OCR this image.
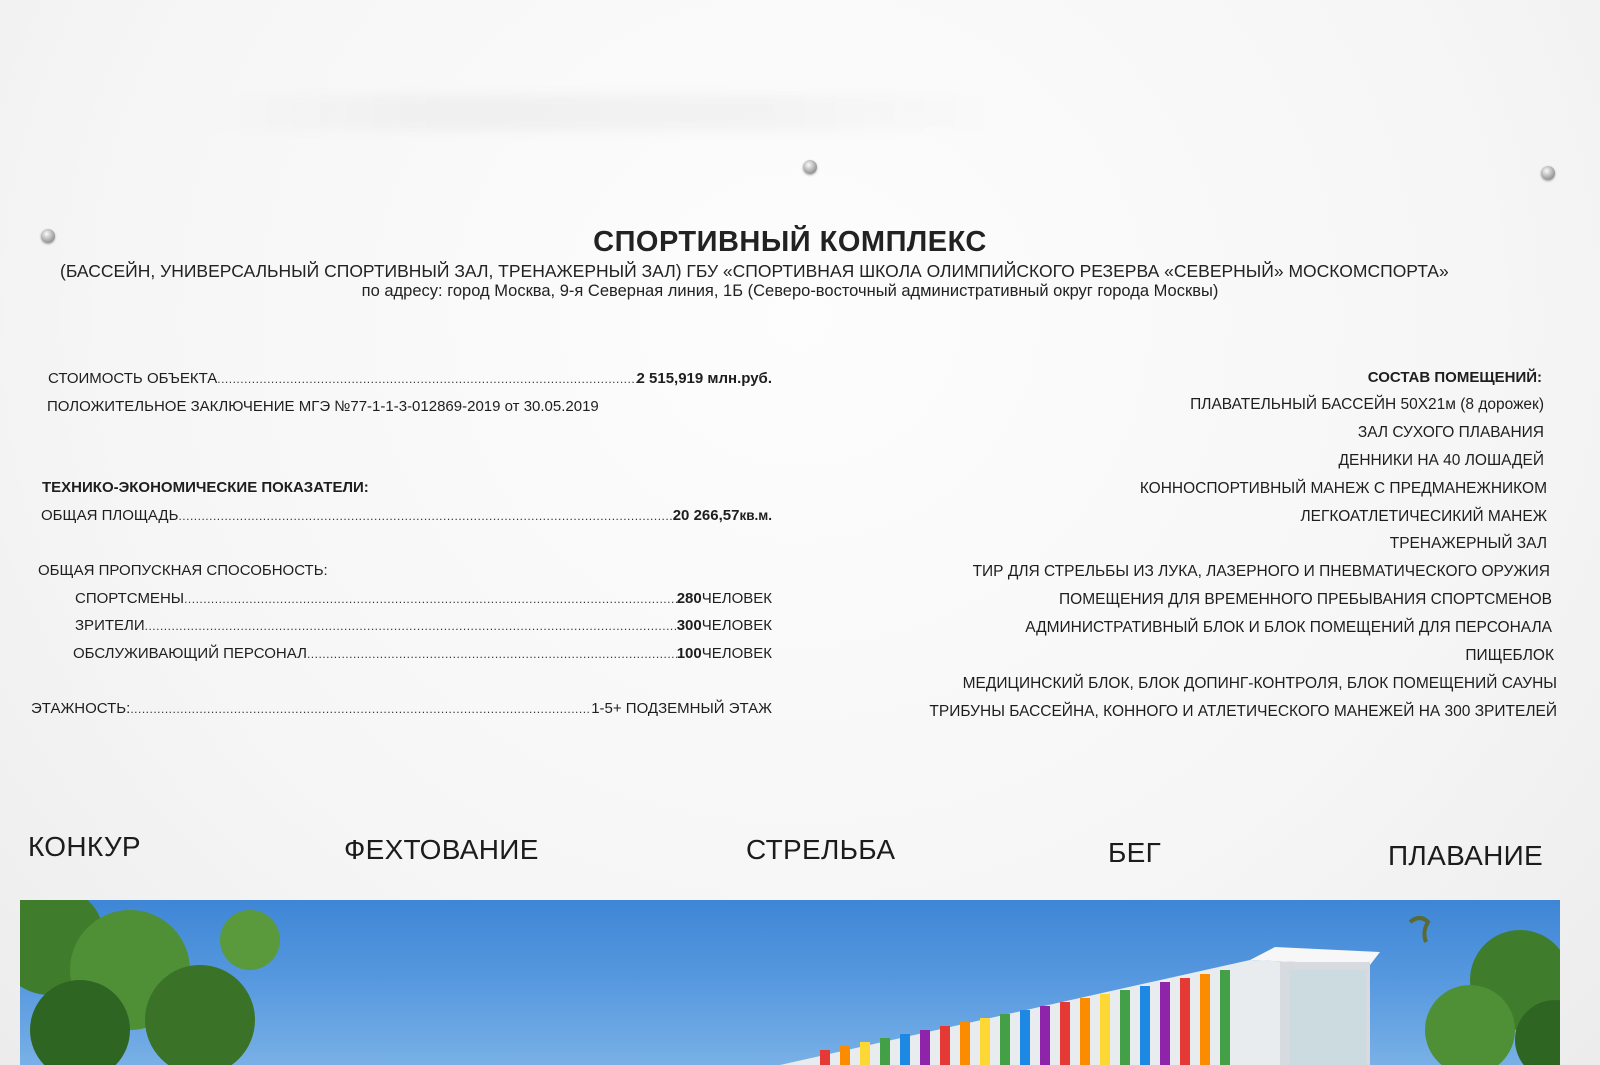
СПОРТИВНЫЙ КОМПЛЕКС
(БАССЕЙН, УНИВЕРСАЛЬНЫЙ СПОРТИВНЫЙ ЗАЛ, ТРЕНАЖЕРНЫЙ ЗАЛ) ГБУ «СПОРТИВНАЯ ШКОЛА ОЛИМПИЙСКОГО РЕЗЕРВА «СЕВЕРНЫЙ» МОСКОМСПОРТА»
по адресу: город Москва, 9-я Северная линия, 1Б (Северо-восточный административный округ города Москвы)
СТОИМОСТЬ ОБЪЕКТА .....	2 515,919 млн.руб.
ПОЛОЖИТЕЛЬНОЕ ЗАКЛЮЧЕНИЕ МГЭ №77-1-1-3-012869-2019 от 30.05.2019
ТЕХНИКО-ЭКОНОМИЧЕСКИЕ ПОКАЗАТЕЛИ:
ОБЩАЯ ПЛОЩАДЬ .....	20 266,57 кв.м.
ОБЩАЯ ПРОПУСКНАЯ СПОСОБНОСТЬ:
СПОРТСМЕНЫ .....	280 ЧЕЛОВЕК
ЗРИТЕЛИ .....	300 ЧЕЛОВЕК
ОБСЛУЖИВАЮЩИЙ ПЕРСОНАЛ .....	100 ЧЕЛОВЕК
ЭТАЖНОСТЬ: .....	1-5+ ПОДЗЕМНЫЙ ЭТАЖ
СОСТАВ ПОМЕЩЕНИЙ:
ПЛАВАТЕЛЬНЫЙ БАССЕЙН 50Х21м (8 дорожек)
ЗАЛ СУХОГО ПЛАВАНИЯ
ДЕННИКИ НА 40 ЛОШАДЕЙ
КОННОСПОРТИВНЫЙ МАНЕЖ С ПРЕДМАНЕЖНИКОМ
ЛЕГКОАТЛЕТИЧЕСИКИЙ МАНЕЖ
ТРЕНАЖЕРНЫЙ ЗАЛ
ТИР ДЛЯ СТРЕЛЬБЫ ИЗ ЛУКА, ЛАЗЕРНОГО И ПНЕВМАТИЧЕСКОГО ОРУЖИЯ
ПОМЕЩЕНИЯ ДЛЯ ВРЕМЕННОГО ПРЕБЫВАНИЯ СПОРТСМЕНОВ
АДМИНИСТРАТИВНЫЙ БЛОК И БЛОК ПОМЕЩЕНИЙ ДЛЯ ПЕРСОНАЛА
ПИЩЕБЛОК
МЕДИЦИНСКИЙ БЛОК, БЛОК ДОПИНГ-КОНТРОЛЯ, БЛОК ПОМЕЩЕНИЙ САУНЫ
ТРИБУНЫ БАССЕЙНА, КОННОГО И АТЛЕТИЧЕСКОГО МАНЕЖЕЙ НА 300 ЗРИТЕЛЕЙ
КОНКУР	ФЕХТОВАНИЕ	СТРЕЛЬБА	БЕГ	ПЛАВАНИЕ
